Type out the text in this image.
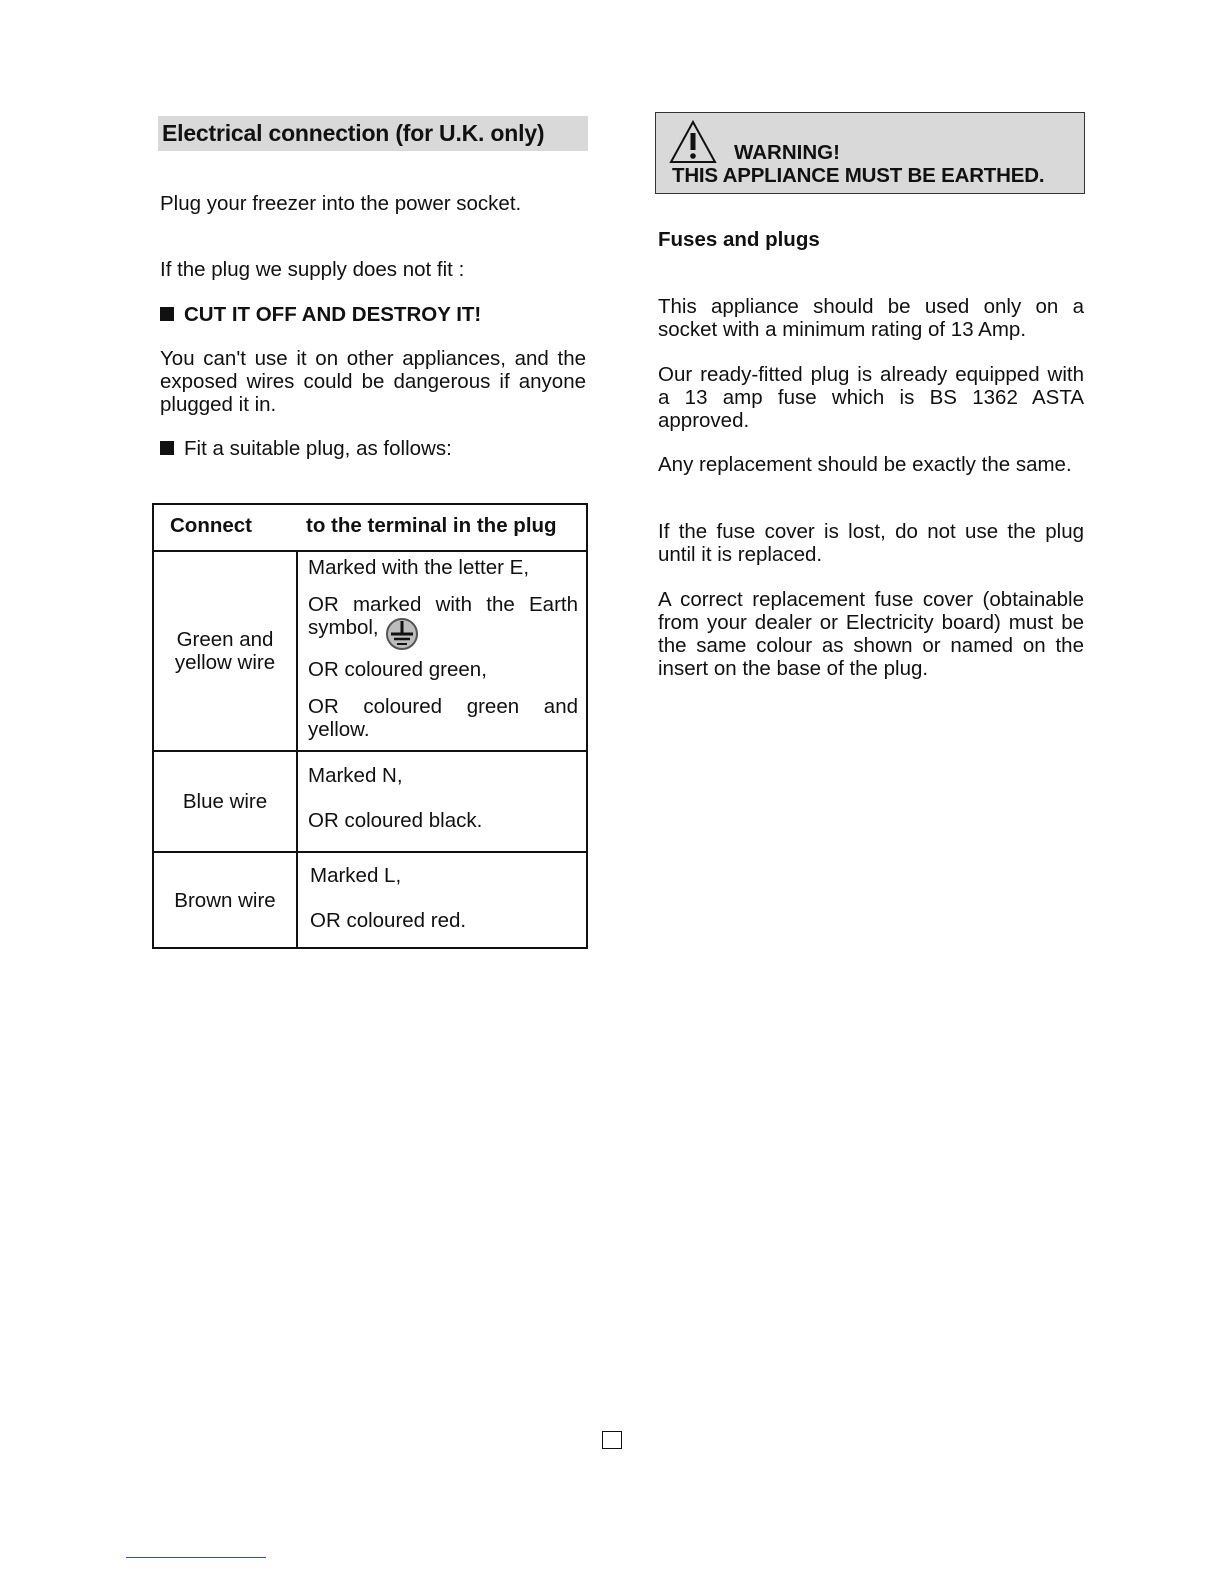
Electrical connection (for U.K. only)

Plug your freezer into the power socket.

If the plug we supply does not fit :

CUT IT OFF AND DESTROY IT!

You can't use it on other appliances, and the exposed wires could be dangerous if anyone plugged it in.

Fit a suitable plug, as follows:

Connect	to the terminal in the plug
Green and yellow wire

Marked with the letter E,

OR marked with the Earth symbol,

OR coloured green,

OR coloured green and yellow.

Blue wire

Marked N,

OR coloured black.

Brown wire

Marked L,

OR coloured red.

WARNING!
THIS APPLIANCE MUST BE EARTHED.
Fuses and plugs

This appliance should be used only on a socket with a minimum rating of 13 Amp.

Our ready-fitted plug is already equipped with a 13 amp fuse which is BS 1362 ASTA approved.

Any replacement should be exactly the same.

If the fuse cover is lost, do not use the plug until it is replaced.

A correct replacement fuse cover (obtainable from your dealer or Electricity board) must be the same colour as shown or named on the insert on the base of the plug.
